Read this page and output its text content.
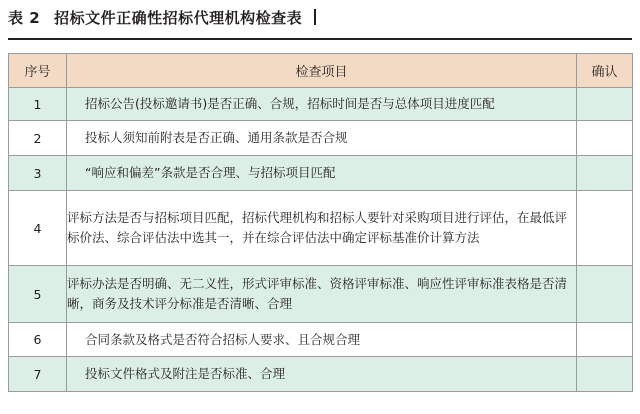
表 2 招标文件正确性招标代理机构检查表
序号	检查项目	确认
1	招标公告(投标邀请书)是否正确、合规，招标时间是否与总体项目进度匹配	
2	投标人须知前附表是否正确、通用条款是否合规	
3	“响应和偏差”条款是否合理、与招标项目匹配	
4	评标方法是否与招标项目匹配，招标代理机构和招标人要针对采购项目进行评估，在最低评标价法、综合评估法中选其一，并在综合评估法中确定评标基准价计算方法	
5	评标办法是否明确、无二义性，形式评审标准、资格评审标准、响应性评审标准表格是否清晰，商务及技术评分标准是否清晰、合理	
6	合同条款及格式是否符合招标人要求、且合规合理	
7	投标文件格式及附注是否标准、合理	
